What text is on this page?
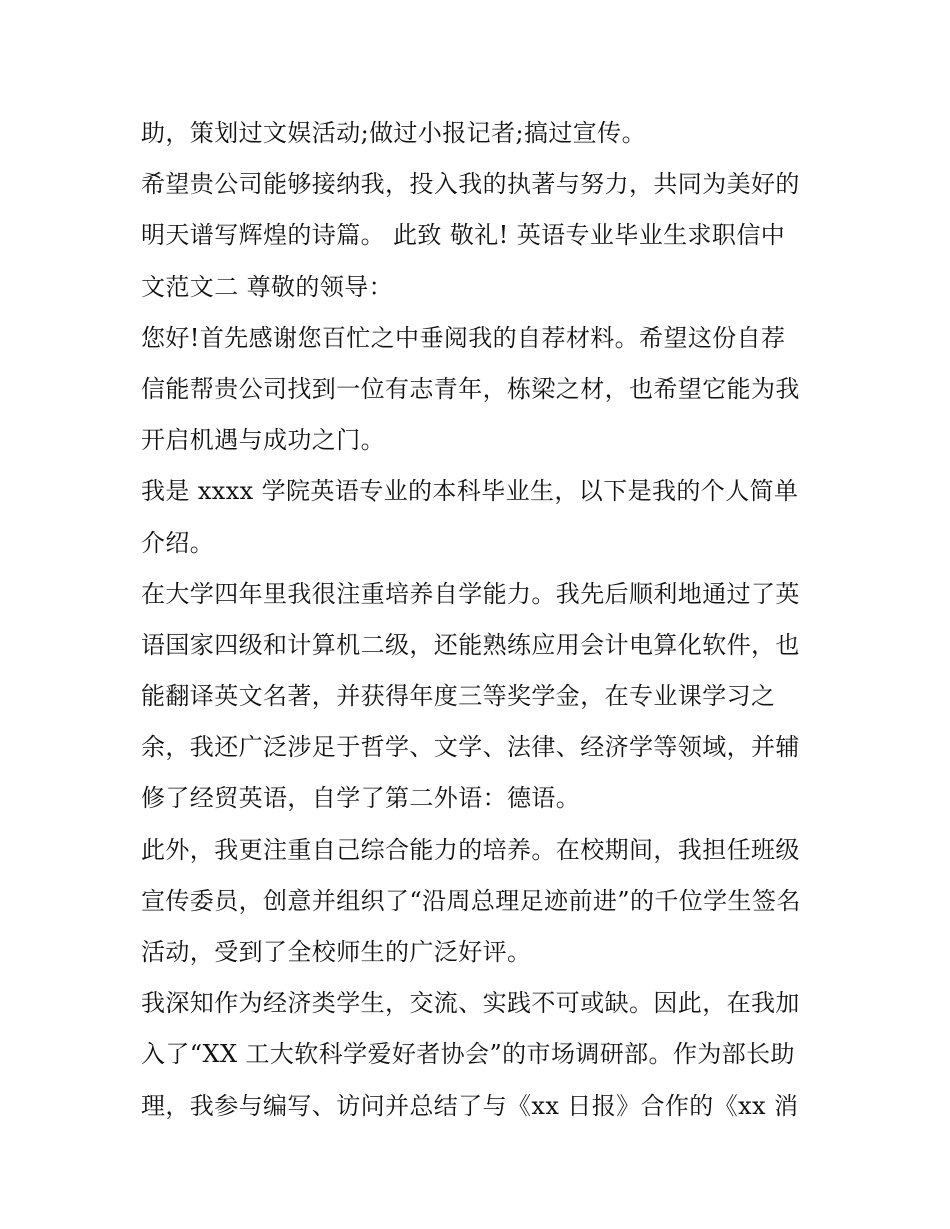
助，策划过文娱活动;做过小报记者;搞过宣传。
希望贵公司能够接纳我，投入我的执著与努力，共同为美好的
明天谱写辉煌的诗篇。 此致 敬礼! 英语专业毕业生求职信中
文范文二 尊敬的领导：
您好!首先感谢您百忙之中垂阅我的自荐材料。希望这份自荐
信能帮贵公司找到一位有志青年，栋梁之材，也希望它能为我
开启机遇与成功之门。
我是 xxxx 学院英语专业的本科毕业生，以下是我的个人简单
介绍。
在大学四年里我很注重培养自学能力。我先后顺利地通过了英
语国家四级和计算机二级，还能熟练应用会计电算化软件，也
能翻译英文名著，并获得年度三等奖学金，在专业课学习之
余，我还广泛涉足于哲学、文学、法律、经济学等领域，并辅
修了经贸英语，自学了第二外语：德语。
此外，我更注重自己综合能力的培养。在校期间，我担任班级
宣传委员，创意并组织了“沿周总理足迹前进”的千位学生签名
活动，受到了全校师生的广泛好评。
我深知作为经济类学生，交流、实践不可或缺。因此，在我加
入了“XX 工大软科学爱好者协会”的市场调研部。作为部长助
理，我参与编写、访问并总结了与《xx 日报》合作的《xx 消
